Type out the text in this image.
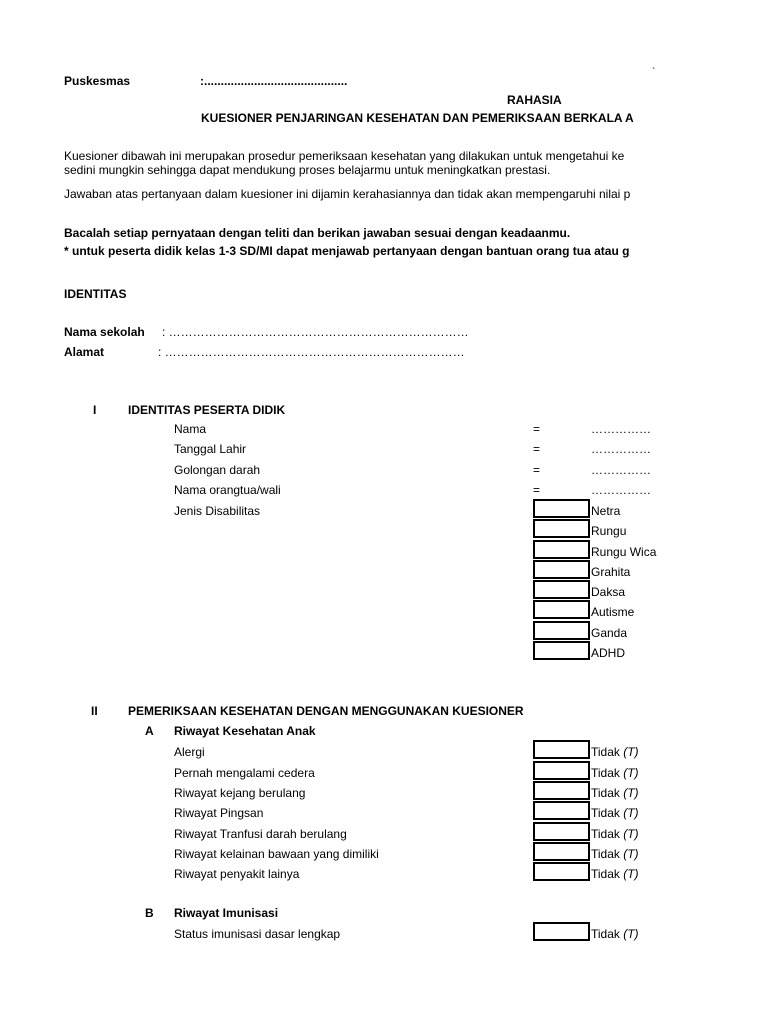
Puskesmas	:...........................................
`
RAHASIA
KUESIONER PENJARINGAN KESEHATAN DAN PEMERIKSAAN BERKALA A
Kuesioner dibawah ini merupakan prosedur pemeriksaan kesehatan yang dilakukan untuk mengetahui ke
sedini mungkin sehingga dapat mendukung proses belajarmu untuk meningkatkan prestasi.
Jawaban atas pertanyaan dalam kuesioner ini dijamin kerahasiannya dan tidak akan mempengaruhi nilai p
Bacalah setiap pernyataan dengan teliti dan berikan jawaban sesuai dengan keadaanmu.
* untuk peserta didik kelas 1-3 SD/MI dapat menjawab pertanyaan dengan bantuan orang tua atau g
IDENTITAS
Nama sekolah : …………………………………………………………………
Alamat	: …………………………………………………………………
I	IDENTITAS PESERTA DIDIK
Nama	=	……………
Tanggal Lahir	=	……………
Golongan darah	=	……………
Nama orangtua/wali	=	……………
Jenis Disabilitas	Netra
Rungu
Rungu Wica
Grahita
Daksa
Autisme
Ganda
ADHD
II	PEMERIKSAAN KESEHATAN DENGAN MENGGUNAKAN KUESIONER
A Riwayat Kesehatan Anak
Alergi	Tidak (T)
Pernah mengalami cedera	Tidak (T)
Riwayat kejang berulang	Tidak (T)
Riwayat Pingsan	Tidak (T)
Riwayat Tranfusi darah berulang	Tidak (T)
Riwayat kelainan bawaan yang dimiliki	Tidak (T)
Riwayat penyakit lainya	Tidak (T)
B Riwayat Imunisasi
Status imunisasi dasar lengkap	Tidak (T)
